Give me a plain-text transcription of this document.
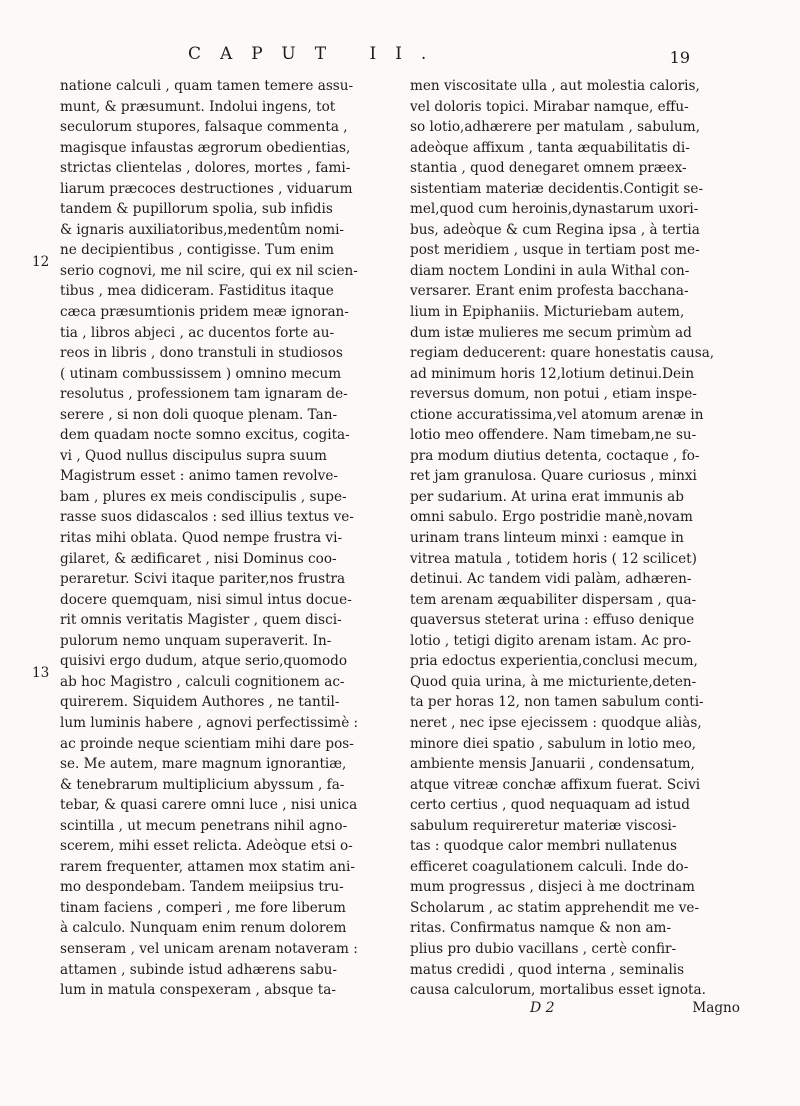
CAPUT II.	19
12
13
natione calculi , quam tamen temere assu-
munt, & præsumunt. Indolui ingens, tot
seculorum stupores, falsaque commenta ,
magisque infaustas ægrorum obedientias,
strictas clientelas , dolores, mortes , fami-
liarum præcoces destructiones , viduarum
tandem & pupillorum spolia, sub infidis
& ignaris auxiliatoribus,medentûm nomi-
ne decipientibus , contigisse. Tum enim
serio cognovi, me nil scire, qui ex nil scien-
tibus , mea didiceram. Fastiditus itaque
cæca præsumtionis pridem meæ ignoran-
tia , libros abjeci , ac ducentos forte au-
reos in libris , dono transtuli in studiosos
( utinam combussissem ) omnino mecum
resolutus , professionem tam ignaram de-
serere , si non doli quoque plenam. Tan-
dem quadam nocte somno excitus, cogita-
vi , Quod nullus discipulus supra suum
Magistrum esset : animo tamen revolve-
bam , plures ex meis condiscipulis , supe-
rasse suos didascalos : sed illius textus ve-
ritas mihi oblata. Quod nempe frustra vi-
gilaret, & ædificaret , nisi Dominus coo-
peraretur. Scivi itaque pariter,nos frustra
docere quemquam, nisi simul intus docue-
rit omnis veritatis Magister , quem disci-
pulorum nemo unquam superaverit. In-
quisivi ergo dudum, atque serio,quomodo
ab hoc Magistro , calculi cognitionem ac-
quirerem. Siquidem Authores , ne tantil-
lum luminis habere , agnovi perfectissimè :
ac proinde neque scientiam mihi dare pos-
se. Me autem, mare magnum ignorantiæ,
& tenebrarum multiplicium abyssum , fa-
tebar, & quasi carere omni luce , nisi unica
scintilla , ut mecum penetrans nihil agno-
scerem, mihi esset relicta. Adeòque etsi o-
rarem frequenter, attamen mox statim ani-
mo despondebam. Tandem meiipsius tru-
tinam faciens , comperi , me fore liberum
à calculo. Nunquam enim renum dolorem
senseram , vel unicam arenam notaveram :
attamen , subinde istud adhærens sabu-
lum in matula conspexeram , absque ta-
men viscositate ulla , aut molestia caloris,
vel doloris topici. Mirabar namque, effu-
so lotio,adhærere per matulam , sabulum,
adeòque affixum , tanta æquabilitatis di-
stantia , quod denegaret omnem præex-
sistentiam materiæ decidentis.Contigit se-
mel,quod cum heroinis,dynastarum uxori-
bus, adeòque & cum Regina ipsa , à tertia
post meridiem , usque in tertiam post me-
diam noctem Londini in aula Withal con-
versarer. Erant enim profesta bacchana-
lium in Epiphaniis. Micturiebam autem,
dum istæ mulieres me secum primùm ad
regiam deducerent: quare honestatis causa,
ad minimum horis 12,lotium detinui.Dein
reversus domum, non potui , etiam inspe-
ctione accuratissima,vel atomum arenæ in
lotio meo offendere. Nam timebam,ne su-
pra modum diutius detenta, coctaque , fo-
ret jam granulosa. Quare curiosus , minxi
per sudarium. At urina erat immunis ab
omni sabulo. Ergo postridie manè,novam
urinam trans linteum minxi : eamque in
vitrea matula , totidem horis ( 12 scilicet)
detinui. Ac tandem vidi palàm, adhæren-
tem arenam æquabiliter dispersam , qua-
quaversus steterat urina : effuso denique
lotio , tetigi digito arenam istam. Ac pro-
pria edoctus experientia,conclusi mecum,
Quod quia urina, à me micturiente,deten-
ta per horas 12, non tamen sabulum conti-
neret , nec ipse ejecissem : quodque aliàs,
minore diei spatio , sabulum in lotio meo,
ambiente mensis Januarii , condensatum,
atque vitreæ conchæ affixum fuerat. Scivi
certo certius , quod nequaquam ad istud
sabulum requireretur materiæ viscosi-
tas : quodque calor membri nullatenus
efficeret coagulationem calculi. Inde do-
mum progressus , disjeci à me doctrinam
Scholarum , ac statim apprehendit me ve-
ritas. Confirmatus namque & non am-
plius pro dubio vacillans , certè confir-
matus credidi , quod interna , seminalis
causa calculorum, mortalibus esset ignota.
D 2	Magno
